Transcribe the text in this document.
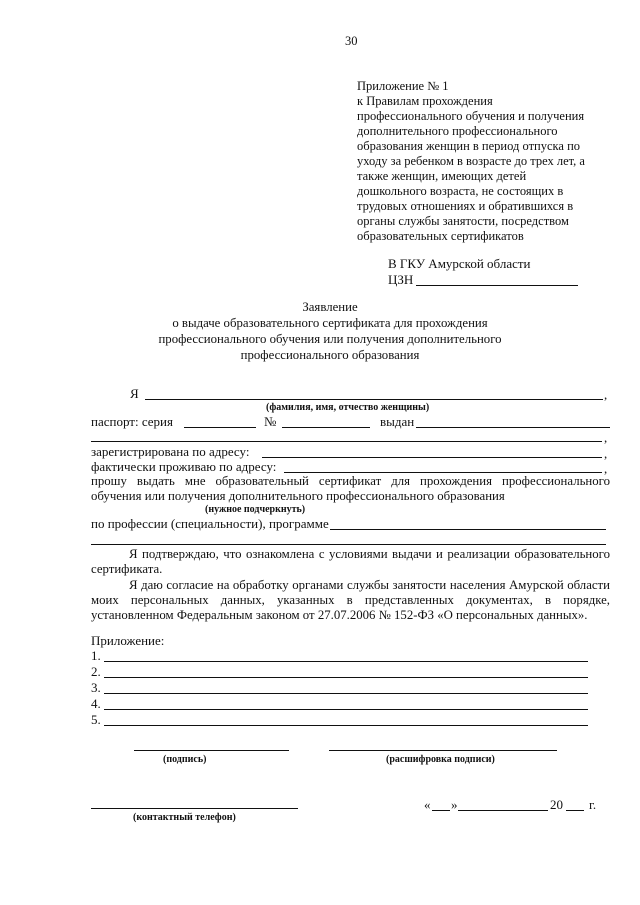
30
Приложение № 1
к Правилам прохождения
профессионального обучения и получения
дополнительного профессионального
образования женщин в период отпуска по
уходу за ребенком в возрасте до трех лет, а
также женщин, имеющих детей
дошкольного возраста, не состоящих в
трудовых отношениях и обратившихся в
органы службы занятости, посредством
образовательных сертификатов
В ГКУ Амурской области
ЦЗН
Заявление
о выдаче образовательного сертификата для прохождения
профессионального обучения или получения дополнительного
профессионального образования
Я	,
(фамилия, имя, отчество женщины)
паспорт: серия	№	выдан
,
зарегистрирована по адресу:	,
фактически проживаю по адресу:	,
прошу выдать мне образовательный сертификат для прохождения профессионального обучения или получения дополнительного профессионального образования
(нужное подчеркнуть)
по профессии (специальности), программе
Я подтверждаю, что ознакомлена с условиями выдачи и реализации образовательного сертификата.
Я даю согласие на обработку органами службы занятости населения Амурской области моих персональных данных, указанных в представленных документах, в порядке, установленном Федеральным законом от 27.07.2006 № 152-ФЗ «О персональных данных».
Приложение:
1.
2.
3.
4.
5.
(подпись)	(расшифровка подписи)
(контактный телефон)
« »	20 г.
